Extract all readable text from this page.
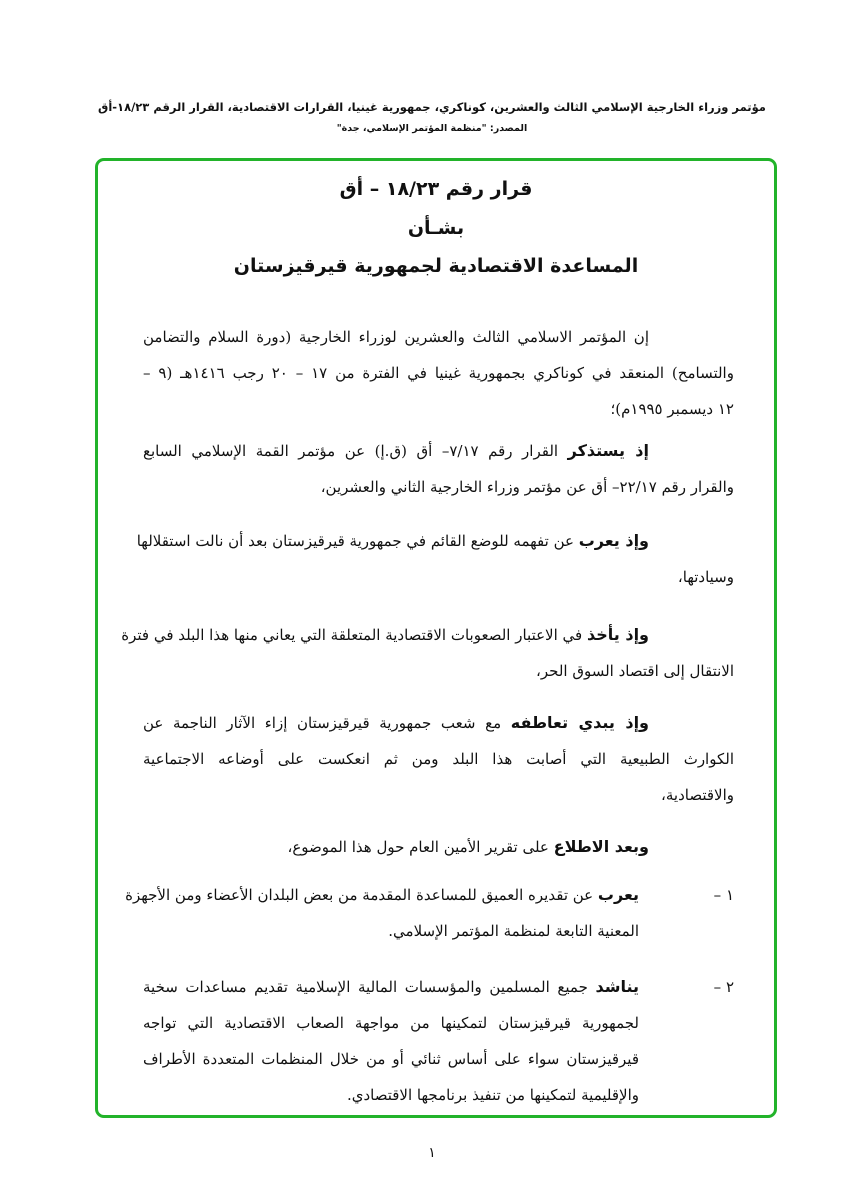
مؤتمر وزراء الخارجية الإسلامي الثالث والعشرين، كوناكري، جمهورية غينيا، القرارات الاقتصادية، القرار الرقم ١٨/٢٣-أق
المصدر: "منظمة المؤتمر الإسلامي، جدة"
قرار رقم ١٨/٢٣ – أق
بشـأن
المساعدة الاقتصادية لجمهورية قيرقيزستان
إن المؤتمر الاسلامي الثالث والعشرين لوزراء الخارجية (دورة السلام والتضامن
والتسامح) المنعقد في كوناكري بجمهورية غينيا في الفترة من ١٧ – ٢٠ رجب ١٤١٦هـ (٩ –
١٢ ديسمبر ١٩٩٥م)؛
إذ يستذكر القرار رقم ٧/١٧– أق (ق.إ) عن مؤتمر القمة الإسلامي السابع
والقرار رقم ٢٢/١٧– أق عن مؤتمر وزراء الخارجية الثاني والعشرين،
وإذ يعرب عن تفهمه للوضع القائم في جمهورية قيرقيزستان بعد أن نالت استقلالها
وسيادتها،
وإذ يأخذ في الاعتبار الصعوبات الاقتصادية المتعلقة التي يعاني منها هذا البلد في فترة
الانتقال إلى اقتصاد السوق الحر،
وإذ يبدي تعاطفه مع شعب جمهورية قيرقيزستان إزاء الآثار الناجمة عن
الكوارث الطبيعية التي أصابت هذا البلد ومن ثم انعكست على أوضاعه الاجتماعية
والاقتصادية،
وبعد الاطلاع على تقرير الأمين العام حول هذا الموضوع،
١ –
يعرب عن تقديره العميق للمساعدة المقدمة من بعض البلدان الأعضاء ومن الأجهزة
المعنية التابعة لمنظمة المؤتمر الإسلامي.
٢ –
يناشد جميع المسلمين والمؤسسات المالية الإسلامية تقديم مساعدات سخية
لجمهورية قيرقيزستان لتمكينها من مواجهة الصعاب الاقتصادية التي تواجه
قيرقيزستان سواء على أساس ثنائي أو من خلال المنظمات المتعددة الأطراف
والإقليمية لتمكينها من تنفيذ برنامجها الاقتصادي.
١
